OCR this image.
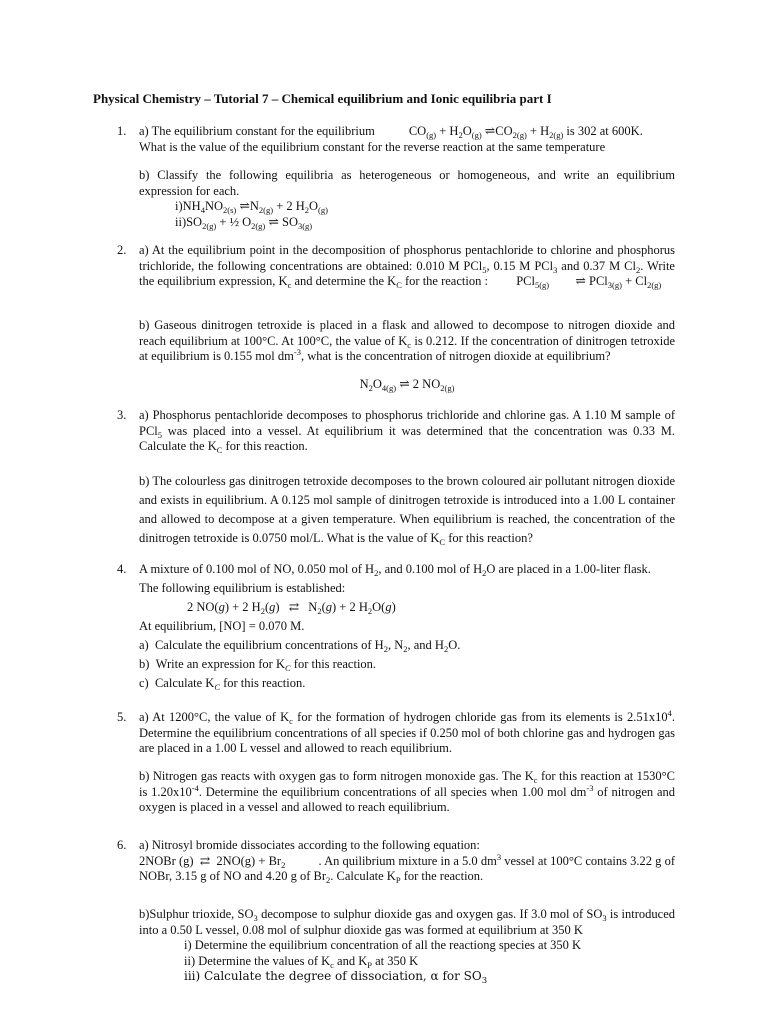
Physical Chemistry – Tutorial 7 – Chemical equilibrium and Ionic equilibria part I
1. a) The equilibrium constant for the equilibrium	$CO_{(g)} + H_2O_{(g)}$ $\rightleftharpoons CO_{2(g)} + H_{2(g)}$ is 302 at 600K.

What is the value of the equilibrium constant for the reverse reaction at the same temperature

b) Classify the following equilibria as heterogeneous or homogeneous, and write an equilibrium expression for each.

$i)NH_4NO_{2(s)}$ $\rightleftharpoons N_{2(g)} + 2$ $H_2O_{(g)}$

$ii)SO_{2(g)}$ + ½ $O_{2(g)}$ ⇌ $SO_{3(g)}$

2. a) At the equilibrium point in the decomposition of phosphorus pentachloride to chlorine and phosphorus trichloride, the following concentrations are obtained: 0.010 M PCl$_5$, 0.15 M PCl$_3$ and 0.37 M $Cl_2$. Write the equilibrium expression, $K_c$ and determine the $K_C$ for the reaction :  PCl$_{5(g)}$  ⇌ $PCl_{3(g)} + Cl_{2(g)}$

b) Gaseous dinitrogen tetroxide is placed in a flask and allowed to decompose to nitrogen dioxide and reach equilibrium at 100°C. At 100°C, the value of $K_c$ is 0.212. If the concentration of dinitrogen tetroxide at equilibrium is 0.155 mol $dm^{-3}$, what is the concentration of nitrogen dioxide at equilibrium?

$N_2O_{4(g)}$ ⇌ 2 $NO_{2(g)}$

3. a) Phosphorus pentachloride decomposes to phosphorus trichloride and chlorine gas. A 1.10 M sample of PCl$_5$ was placed into a vessel. At equilibrium it was determined that the concentration was 0.33 M. Calculate the $K_C$ for this reaction.

b) The colourless gas dinitrogen tetroxide decomposes to the brown coloured air pollutant nitrogen dioxide and exists in equilibrium. A 0.125 mol sample of dinitrogen tetroxide is introduced into a 1.00 L container and allowed to decompose at a given temperature. When equilibrium is reached, the concentration of the dinitrogen tetroxide is 0.0750 mol/L. What is the value of $K_C$ for this reaction?

4. A mixture of 0.100 mol of NO, 0.050 mol of $H_2$, and 0.100 mol of $H_2O$ are placed in a 1.00-liter flask.

The following equilibrium is established:

2 NO(g) + 2 $H_2(g)$ ⇄ $N_2(g) + 2$ $H_2O(g)$

At equilibrium, [NO] = 0.070 M.

a)  Calculate the equilibrium concentrations of $H_2$, $N_2$, and $H_2O$.

b)  Write an expression for $K_C$ for this reaction.

c)  Calculate $K_C$ for this reaction.

5. a) At 1200°C, the value of $K_c$ for the formation of hydrogen chloride gas from its elements is $2.51x10^4$. Determine the equilibrium concentrations of all species if 0.250 mol of both chlorine gas and hydrogen gas are placed in a 1.00 L vessel and allowed to reach equilibrium.

b) Nitrogen gas reacts with oxygen gas to form nitrogen monoxide gas. The $K_c$ for this reaction at 1530°C is $1.20x10^{-4}$. Determine the equilibrium concentrations of all species when 1.00 mol $dm^{-3}$ of nitrogen and oxygen is placed in a vessel and allowed to reach equilibrium.

6. a) Nitrosyl bromide dissociates according to the following equation:

2NOBr (g) ⇄ $2NO(g) + Br_2$	. An quilibrium mixture in a 5.0 $dm^3$ vessel at 100°C contains 3.22 g of NOBr, 3.15 g of NO and 4.20 g of $Br_2$. Calculate $K_P$ for the reaction.

b)Sulphur trioxide, $SO_3$ decompose to sulphur dioxide gas and oxygen gas. If 3.0 mol of $SO_3$ is introduced into a 0.50 L vessel, 0.08 mol of sulphur dioxide gas was formed at equilibrium at 350 K

i) Determine the equilibrium concentration of all the reactiong species at 350 K

ii) Determine the values of $K_c$ and $K_P$ at 350 K

iii) Calculate the degree of dissociation, α for $SO_3$
